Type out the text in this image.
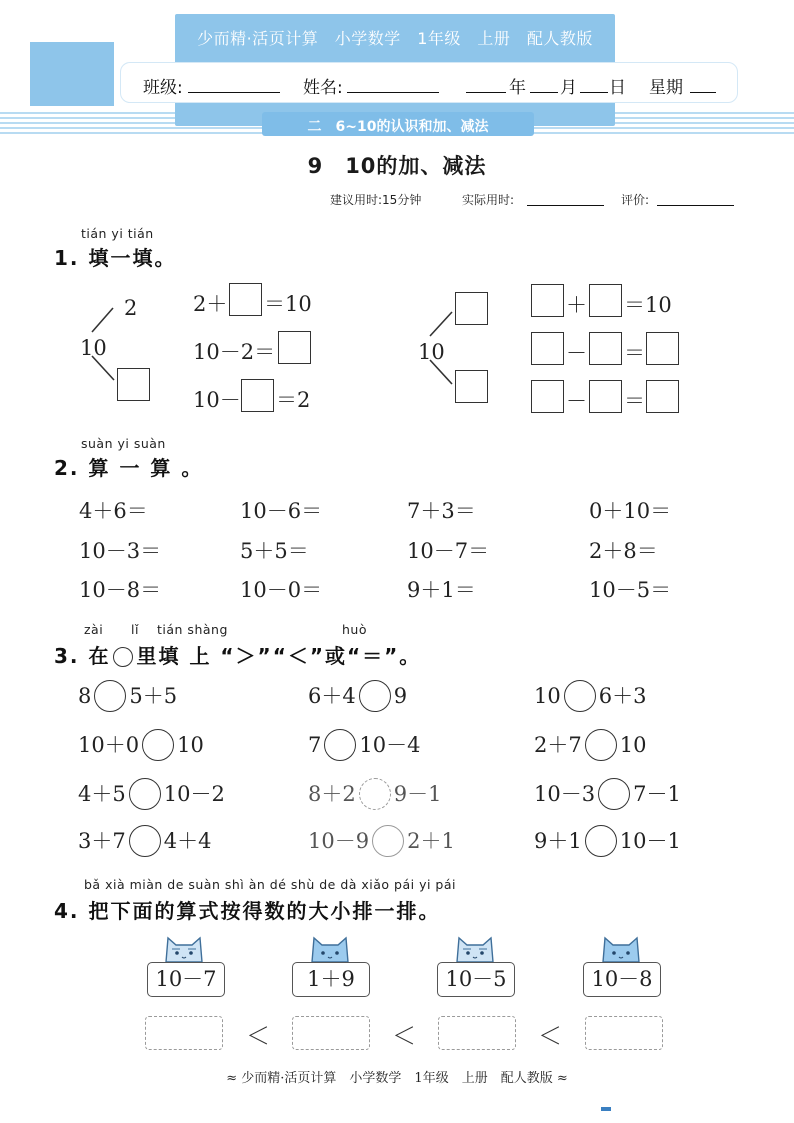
少而精·活页计算　小学数学　1年级　上册　配人教版
班级:	姓名:	年 月 日 星期
二　6~10的认识和加、减法
9　10的加、减法
建议用时:15分钟	实际用时:	评价:
tián yi tián
1. 填一填。
2
10
2＋ ＝10
10－2＝
10－ ＝2
10
＋ ＝10
－ ＝
－ ＝
suàn yi suàn
2. 算 一 算 。
4＋6＝	10－6＝	7＋3＝	0＋10＝
10－3＝	5＋5＝	10－7＝	2＋8＝
10－8＝	10－0＝	9＋1＝	10－5＝
zài lǐ tián shàng	huò
3. 在 里填 上 “＞”“＜”或“＝”。
8 5＋5	6＋4 9	10 6＋3
10＋0 10	7 10－4	2＋7 10
4＋5 10－2	8＋2 9－1	10－3 7－1
3＋7 4＋4	10－9 2＋1	9＋1 10－1
bǎ xià miàn de suàn shì àn dé shù de dà xiǎo pái yi pái
4. 把下面的算式按得数的大小排一排。
10－7	1＋9	10－5	10－8
＜	＜	＜
≈ 少而精·活页计算　小学数学　1年级　上册　配人教版 ≈
